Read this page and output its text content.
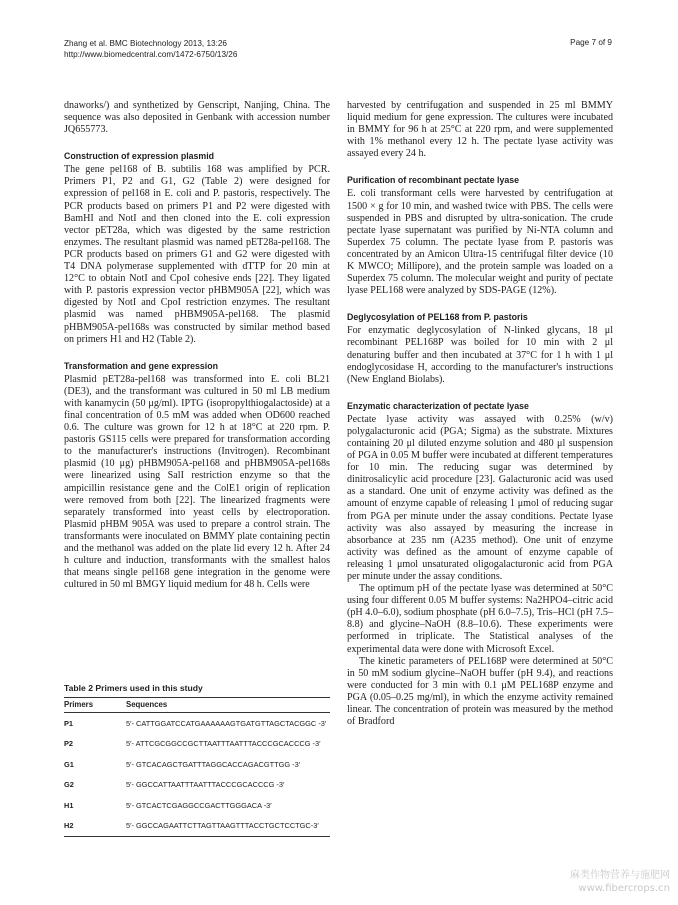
Zhang et al. BMC Biotechnology 2013, 13:26
http://www.biomedcentral.com/1472-6750/13/26
Page 7 of 9

dnaworks/) and synthetized by Genscript, Nanjing, China. The sequence was also deposited in Genbank with accession number JQ655773.

Construction of expression plasmid

The gene pel168 of B. subtilis 168 was amplified by PCR. Primers P1, P2 and G1, G2 (Table 2) were designed for expression of pel168 in E. coli and P. pastoris, respectively. The PCR products based on primers P1 and P2 were digested with BamHI and NotI and then cloned into the E. coli expression vector pET28a, which was digested by the same restriction enzymes. The resultant plasmid was named pET28a-pel168. The PCR products based on primers G1 and G2 were digested with T4 DNA polymerase supplemented with dTTP for 20 min at 12°C to obtain NotI and CpoI cohesive ends [22]. They ligated with P. pastoris expression vector pHBM905A [22], which was digested by NotI and CpoI restriction enzymes. The resultant plasmid was named pHBM905A-pel168. The plasmid pHBM905A-pel168s was constructed by similar method based on primers H1 and H2 (Table 2).

Transformation and gene expression

Plasmid pET28a-pel168 was transformed into E. coli BL21 (DE3), and the transformant was cultured in 50 ml LB medium with kanamycin (50 μg/ml). IPTG (isopropylthiogalactoside) at a final concentration of 0.5 mM was added when OD600 reached 0.6. The culture was grown for 12 h at 18°C at 220 rpm. P. pastoris GS115 cells were prepared for transformation according to the manufacturer's instructions (Invitrogen). Recombinant plasmid (10 μg) pHBM905A-pel168 and pHBM905A-pel168s were linearized using SalI restriction enzyme so that the ampicillin resistance gene and the ColE1 origin of replication were removed from both [22]. The linearized fragments were separately transformed into yeast cells by electroporation. Plasmid pHBM 905A was used to prepare a control strain. The transformants were inoculated on BMMY plate containing pectin and the methanol was added on the plate lid every 12 h. After 24 h culture and induction, transformants with the smallest halos that means single pel168 gene integration in the genome were cultured in 50 ml BMGY liquid medium for 48 h. Cells were

Table 2 Primers used in this study
Primers	Sequences
P1	5′- CATTGGATCCATGAAAAAAGTGATGTTAGCTACGGC -3′
P2	5′- ATTCGCGGCCGCTTAATTTAATTTACCCGCACCCG -3′
G1	5′- GTCACAGCTGATTTAGGCACCAGACGTTGG -3′
G2	5′- GGCCATTAATTTAATTTACCCGCACCCG -3′
H1	5′- GTCACTCGAGGCCGACTTGGGACA -3′
H2	5′- GGCCAGAATTCTTAGTTAAGTTTACCTGCTCCTGC-3′

harvested by centrifugation and suspended in 25 ml BMMY liquid medium for gene expression. The cultures were incubated in BMMY for 96 h at 25°C at 220 rpm, and were supplemented with 1% methanol every 12 h. The pectate lyase activity was assayed every 24 h.

Purification of recombinant pectate lyase

E. coli transformant cells were harvested by centrifugation at 1500 × g for 10 min, and washed twice with PBS. The cells were suspended in PBS and disrupted by ultra-sonication. The crude pectate lyase supernatant was purified by Ni-NTA column and Superdex 75 column. The pectate lyase from P. pastoris was concentrated by an Amicon Ultra-15 centrifugal filter device (10 K MWCO; Millipore), and the protein sample was loaded on a Superdex 75 column. The molecular weight and purity of pectate lyase PEL168 were analyzed by SDS-PAGE (12%).

Deglycosylation of PEL168 from P. pastoris

For enzymatic deglycosylation of N-linked glycans, 18 μl recombinant PEL168P was boiled for 10 min with 2 μl denaturing buffer and then incubated at 37°C for 1 h with 1 μl endoglycosidase H, according to the manufacturer's instructions (New England Biolabs).

Enzymatic characterization of pectate lyase

Pectate lyase activity was assayed with 0.25% (w/v) polygalacturonic acid (PGA; Sigma) as the substrate. Mixtures containing 20 μl diluted enzyme solution and 480 μl suspension of PGA in 0.05 M buffer were incubated at different temperatures for 10 min. The reducing sugar was determined by dinitrosalicylic acid procedure [23]. Galacturonic acid was used as a standard. One unit of enzyme activity was defined as the amount of enzyme capable of releasing 1 μmol of reducing sugar from PGA per minute under the assay conditions. Pectate lyase activity was also assayed by measuring the increase in absorbance at 235 nm (A235 method). One unit of enzyme activity was defined as the amount of enzyme capable of releasing 1 μmol unsaturated oligogalacturonic acid from PGA per minute under the assay conditions.

The optimum pH of the pectate lyase was determined at 50°C using four different 0.05 M buffer systems: Na2HPO4–citric acid (pH 4.0–6.0), sodium phosphate (pH 6.0–7.5), Tris–HCl (pH 7.5–8.8) and glycine–NaOH (8.8–10.6). These experiments were performed in triplicate. The Statistical analyses of the experimental data were done with Microsoft Excel.

The kinetic parameters of PEL168P were determined at 50°C in 50 mM sodium glycine–NaOH buffer (pH 9.4), and reactions were conducted for 3 min with 0.1 μM PEL168P enzyme and PGA (0.05–0.25 mg/ml), in which the enzyme activity remained linear. The concentration of protein was measured by the method of Bradford

麻类作物营养与施肥网
www.fibercrops.cn
